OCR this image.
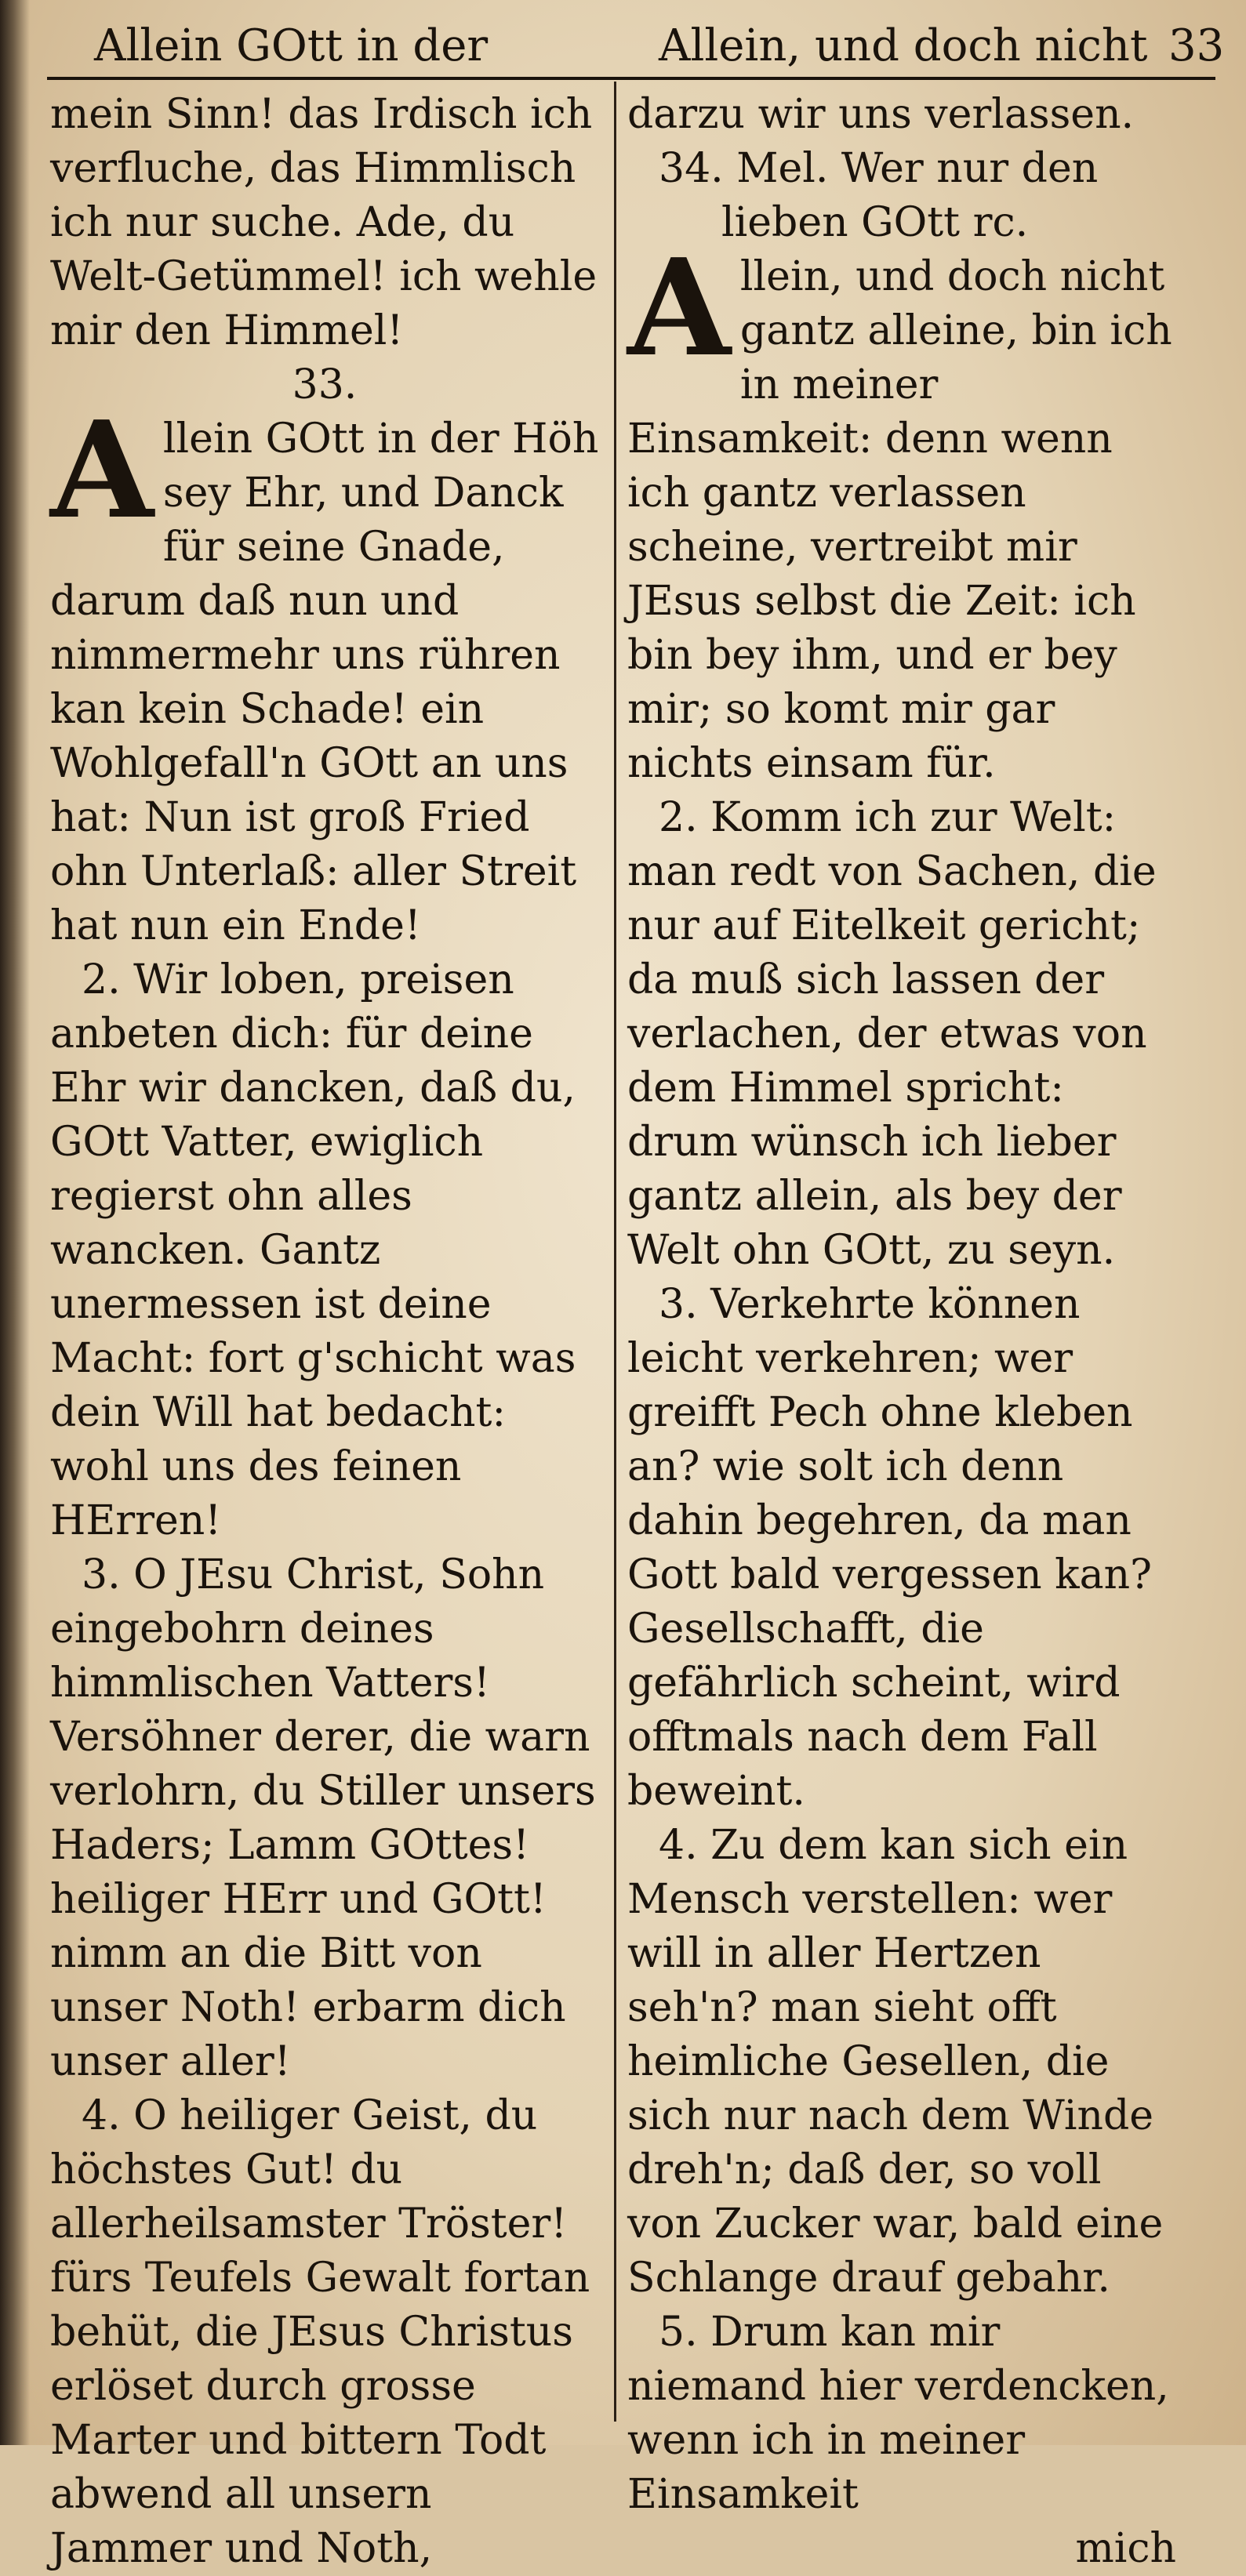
Allein GOtt in der	Allein, und doch nicht 33

mein Sinn! das Irdisch ich verfluche, das Himmlisch ich nur suche. Ade, du Welt-Getümmel! ich wehle mir den Himmel!

33.

A llein GOtt in der Höh sey Ehr, und Danck für seine Gnade, darum daß nun und nimmermehr uns rühren kan kein Schade! ein Wohlgefall'n GOtt an uns hat: Nun ist groß Fried ohn Unterlaß: aller Streit hat nun ein Ende!

2. Wir loben, preisen anbeten dich: für deine Ehr wir dancken, daß du, GOtt Vatter, ewiglich regierst ohn alles wancken. Gantz unermessen ist deine Macht: fort g'schicht was dein Will hat bedacht: wohl uns des feinen HErren!

3. O JEsu Christ, Sohn eingebohrn deines himmlischen Vatters! Versöhner derer, die warn verlohrn, du Stiller unsers Haders; Lamm GOttes! heiliger HErr und GOtt! nimm an die Bitt von unser Noth! erbarm dich unser aller!

4. O heiliger Geist, du höchstes Gut! du allerheilsamster Tröster! fürs Teufels Gewalt fortan behüt, die JEsus Christus erlöset durch grosse Marter und bittern Todt abwend all unsern Jammer und Noth,

darzu wir uns verlassen.

34. Mel. Wer nur den

lieben GOtt rc.

A llein, und doch nicht gantz alleine, bin ich in meiner Einsamkeit: denn wenn ich gantz verlassen scheine, vertreibt mir JEsus selbst die Zeit: ich bin bey ihm, und er bey mir; so komt mir gar nichts einsam für.

2. Komm ich zur Welt: man redt von Sachen, die nur auf Eitelkeit gericht; da muß sich lassen der verlachen, der etwas von dem Himmel spricht: drum wünsch ich lieber gantz allein, als bey der Welt ohn GOtt, zu seyn.

3. Verkehrte können leicht verkehren; wer greifft Pech ohne kleben an? wie solt ich denn dahin begehren, da man Gott bald vergessen kan? Gesellschafft, die gefährlich scheint, wird offtmals nach dem Fall beweint.

4. Zu dem kan sich ein Mensch verstellen: wer will in aller Hertzen seh'n? man sieht offt heimliche Gesellen, die sich nur nach dem Winde dreh'n; daß der, so voll von Zucker war, bald eine Schlange drauf gebahr.

5. Drum kan mir niemand hier verdencken, wenn ich in meiner Einsamkeit

mich
